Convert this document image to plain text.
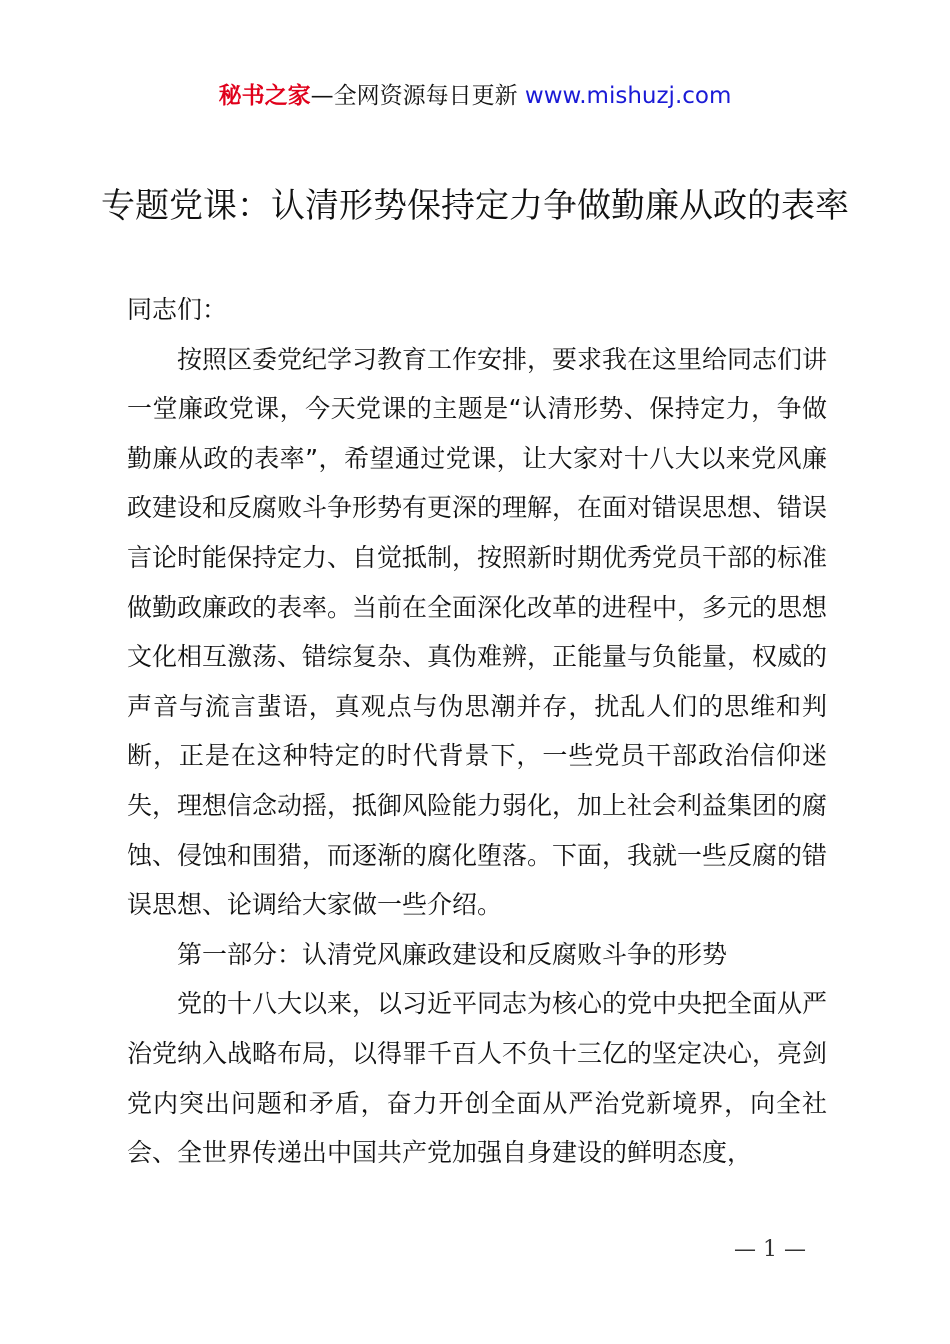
秘书之家—全网资源每日更新 www.mishuzj.com
专题党课：认清形势保持定力争做勤廉从政的表率

同志们：

按照区委党纪学习教育工作安排，要求我在这里给同志们讲一堂廉政党课，今天党课的主题是“认清形势、保持定力，争做勤廉从政的表率”，希望通过党课，让大家对十八大以来党风廉政建设和反腐败斗争形势有更深的理解，在面对错误思想、错误言论时能保持定力、自觉抵制，按照新时期优秀党员干部的标准做勤政廉政的表率。当前在全面深化改革的进程中，多元的思想文化相互激荡、错综复杂、真伪难辨，正能量与负能量，权威的声音与流言蜚语，真观点与伪思潮并存，扰乱人们的思维和判断，正是在这种特定的时代背景下，一些党员干部政治信仰迷失，理想信念动摇，抵御风险能力弱化，加上社会利益集团的腐蚀、侵蚀和围猎，而逐渐的腐化堕落。下面，我就一些反腐的错误思想、论调给大家做一些介绍。

第一部分：认清党风廉政建设和反腐败斗争的形势

党的十八大以来，以习近平同志为核心的党中央把全面从严治党纳入战略布局，以得罪千百人不负十三亿的坚定决心，亮剑党内突出问题和矛盾，奋力开创全面从严治党新境界，向全社会、全世界传递出中国共产党加强自身建设的鲜明态度，

— 1 —
